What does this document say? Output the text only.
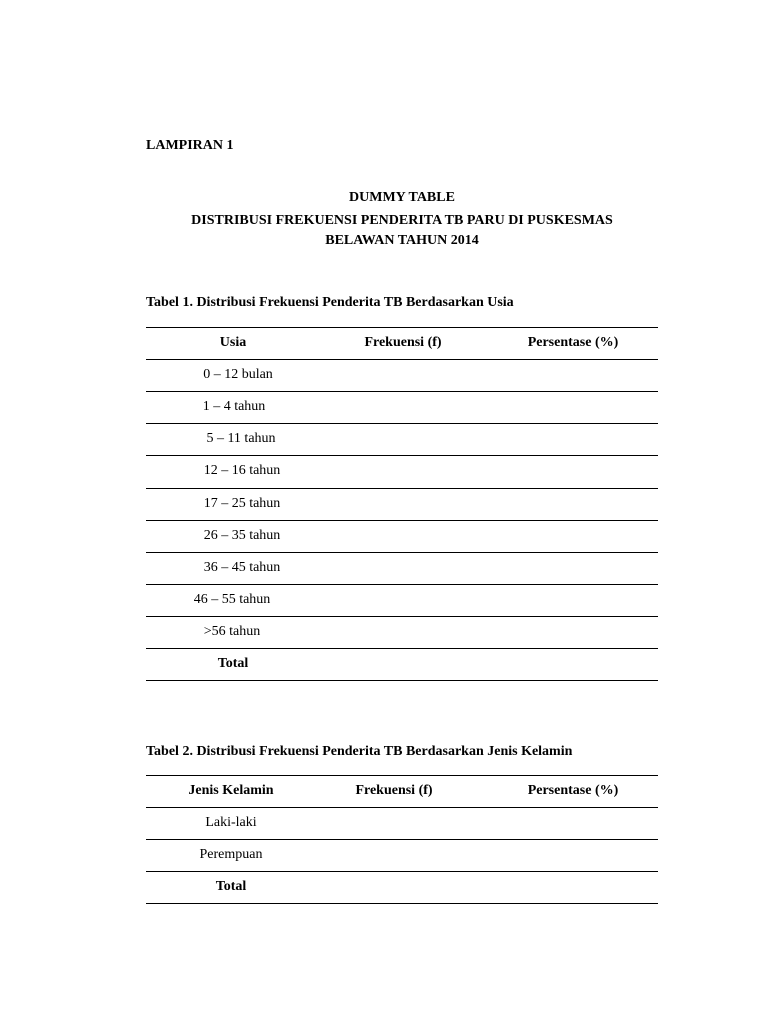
LAMPIRAN 1
DUMMY TABLE
DISTRIBUSI FREKUENSI PENDERITA TB PARU DI PUSKESMAS
BELAWAN TAHUN 2014
Tabel 1. Distribusi Frekuensi Penderita TB Berdasarkan Usia
Usia	Frekuensi (f)	Persentase (%)
0 – 12 bulan
1 – 4 tahun
5 – 11 tahun
12 – 16 tahun
17 – 25 tahun
26 – 35 tahun
36 – 45 tahun
46 – 55 tahun
>56 tahun
Total
Tabel 2. Distribusi Frekuensi Penderita TB Berdasarkan Jenis Kelamin
Jenis Kelamin	Frekuensi (f)	Persentase (%)
Laki-laki
Perempuan
Total
